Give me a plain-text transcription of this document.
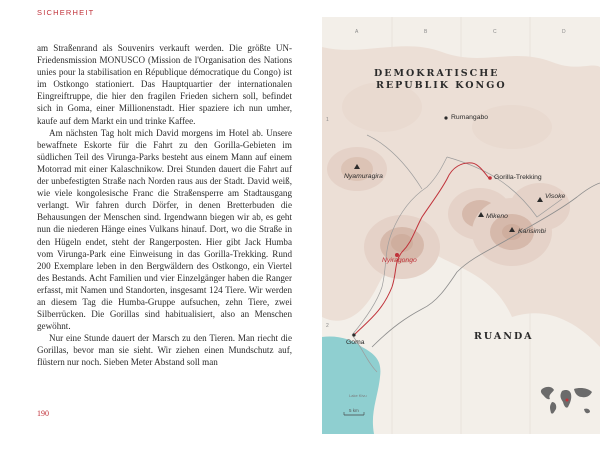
SICHERHEIT

am Straßenrand als Souvenirs verkauft werden. Die größte UN-Friedensmission MONUSCO (Mission de l'Organisation des Nations unies pour la stabilisation en République démocratique du Congo) ist im Ostkongo stationiert. Das Hauptquartier der internationalen Eingreiftruppe, die hier den fragilen Frieden sichern soll, befindet sich in Goma, einer Millionenstadt. Hier spaziere ich nun umher, kaufe auf dem Markt ein und trinke Kaffee.

Am nächsten Tag holt mich David morgens im Hotel ab. Unsere bewaffnete Eskorte für die Fahrt zu den Gorilla-Gebieten im südlichen Teil des Virunga-Parks besteht aus einem Mann auf einem Motorrad mit einer Kalaschnikow. Drei Stunden dauert die Fahrt auf der unbefestigten Straße nach Norden raus aus der Stadt. David weiß, wie viele kongolesische Franc die Straßensperre am Stadtausgang verlangt. Wir fahren durch Dörfer, in denen Bretterbuden die Behausungen der Menschen sind. Irgendwann biegen wir ab, es geht nun die niederen Hänge eines Vulkans hinauf. Dort, wo die Straße in den Hügeln endet, steht der Rangerposten. Hier gibt Jack Humba vom Virunga-Park eine Einweisung in das Gorilla-Trekking. Rund 200 Exemplare leben in den Bergwäldern des Ostkongo, ein Viertel des Bestands. Acht Familien und vier Einzelgänger haben die Ranger erfasst, mit Namen und Standorten, insgesamt 124 Tiere. Wir werden an diesem Tag die Humba-Gruppe aufsuchen, zehn Tiere, zwei Silberrücken. Die Gorillas sind habitualisiert, also an Menschen gewöhnt.

Nur eine Stunde dauert der Marsch zu den Tieren. Man riecht die Gorillas, bevor man sie sieht. Wir ziehen einen Mundschutz auf, flüstern nur noch. Sieben Meter Abstand soll man

190
A	B	C	D
1
2
DEMOKRATISCHE
REPUBLIK KONGO
RUANDA
Rumangabo
Nyamuragira	Gorilla-Trekking
Mikeno
Visoke
Karisimbi
Nyiragongo
Goma
Lake Kivu
5 km
